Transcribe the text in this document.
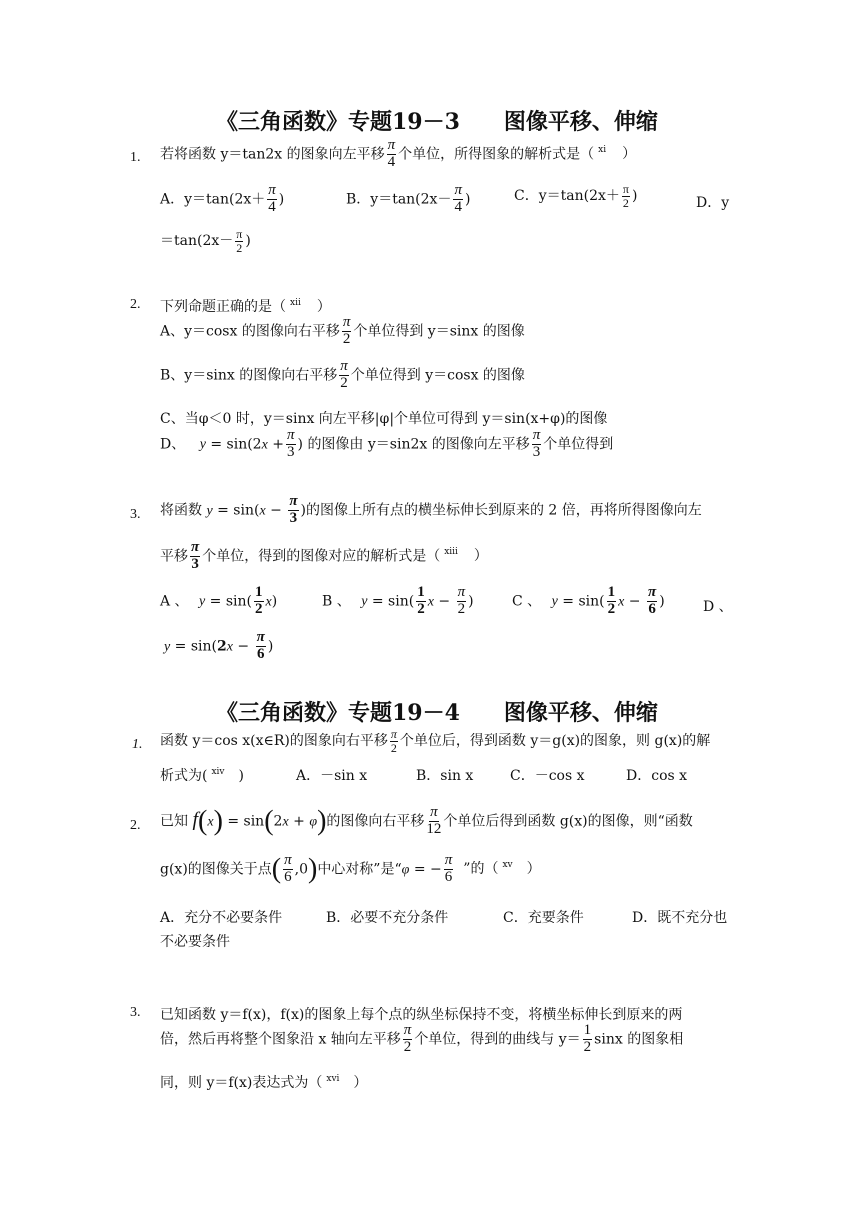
《三角函数》专题19－3　　图像平移、伸缩
1. 若将函数 y＝tan2x 的图象向左平移 $\frac{\pi}{4}$ 个单位，所得图象的解析式是（ $^{xi}$ ）
A．$y=\tan(2x+ \frac{\pi}{4}$ )	B．$y=\tan(2x- \frac{\pi}{4}$ )	C．$y=\tan(2x+ \frac{\pi}{2}$ )	D．y
$=\tan(2x- \frac{\pi}{2}$ )
2. 下列命题正确的是（ $^{xii}$ ）
A、y＝cosx 的图像向右平移 $\frac{\pi}{2}$ 个单位得到 y＝sinx 的图像
B、y＝sinx 的图像向右平移 $\frac{\pi}{2}$ 个单位得到 y＝cosx 的图像
C、当φ＜0 时，y＝sinx 向左平移|φ|个单位可得到 y＝sin(x+φ)的图像
D、 $y = \sin(2x + \frac{\pi}{3}$ ) 的图像由 y＝sin2x 的图像向左平移 $\frac{\pi}{3}$ 个单位得到
3. 将函数 $y = \sin(x - \frac{\pi}{3}$ )的图像上所有点的横坐标伸长到原来的 2 倍，再将所得图像向左
平移 $\frac{\pi}{3}$ 个单位，得到的图像对应的解析式是（ $^{xiii}$ ）
A 、 $y = \sin( \frac{1}{2} x)$	B 、 $y = \sin( \frac{1}{2}$ $x - \frac{\pi}{2}$ )	C 、 $y = \sin( \frac{1}{2}$ $x - \frac{\pi}{6}$ )	D 、
$y = \sin(2x - \frac{\pi}{6}$ )
《三角函数》专题19－4　　图像平移、伸缩
1. 函数 y＝cos x(x∈R)的图象向右平移 $\frac{\pi}{2}$ 个单位后，得到函数 y＝g(x)的图象，则 g(x)的解
析式为( $^{xiv}$ )	A．－sin x	B．sin x	C．－cos x	D．cos x
2. 已知 f(x) = sin(2x + φ)的图像向右平移 $\frac{\pi}{12}$ 个单位后得到函数 g(x)的图像，则“函数
g(x)的图像关于点( $\frac{\pi}{6} ,0$)中心对称”是“φ = − $\frac{\pi}{6}$ ”的（ $^{xv}$ ）
A．充分不必要条件	B．必要不充分条件	C．充要条件	D．既不充分也
不必要条件
3. 已知函数 y＝f(x)，f(x)的图象上每个点的纵坐标保持不变，将横坐标伸长到原来的两
倍，然后再将整个图象沿 x 轴向左平移 $\frac{\pi}{2}$ 个单位，得到的曲线与 $y= \frac{1}{2}$ sinx 的图象相
同，则 y＝f(x)表达式为（ $^{xvi}$ ）
